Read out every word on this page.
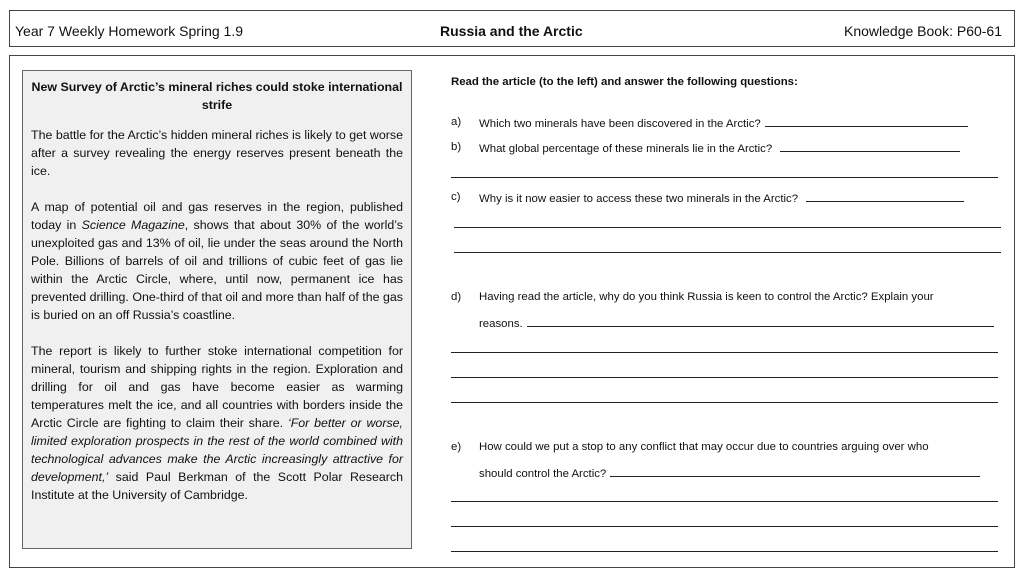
Year 7 Weekly Homework Spring 1.9	Russia and the Arctic	Knowledge Book: P60-61
New Survey of Arctic’s mineral riches could stoke international strife

The battle for the Arctic’s hidden mineral riches is likely to get worse after a survey revealing the energy reserves present beneath the ice.

A map of potential oil and gas reserves in the region, published today in Science Magazine, shows that about 30% of the world’s unexploited gas and 13% of oil, lie under the seas around the North Pole. Billions of barrels of oil and trillions of cubic feet of gas lie within the Arctic Circle, where, until now, permanent ice has prevented drilling. One-third of that oil and more than half of the gas is buried on an off Russia’s coastline.

The report is likely to further stoke international competition for mineral, tourism and shipping rights in the region. Exploration and drilling for oil and gas have become easier as warming temperatures melt the ice, and all countries with borders inside the Arctic Circle are fighting to claim their share. ‘For better or worse, limited exploration prospects in the rest of the world combined with technological advances make the Arctic increasingly attractive for development,’ said Paul Berkman of the Scott Polar Research Institute at the University of Cambridge.

Read the article (to the left) and answer the following questions:
a) Which two minerals have been discovered in the Arctic?
b) What global percentage of these minerals lie in the Arctic?
c) Why is it now easier to access these two minerals in the Arctic?
d) Having read the article, why do you think Russia is keen to control the Arctic? Explain your
reasons.
e) How could we put a stop to any conflict that may occur due to countries arguing over who
should control the Arctic?
